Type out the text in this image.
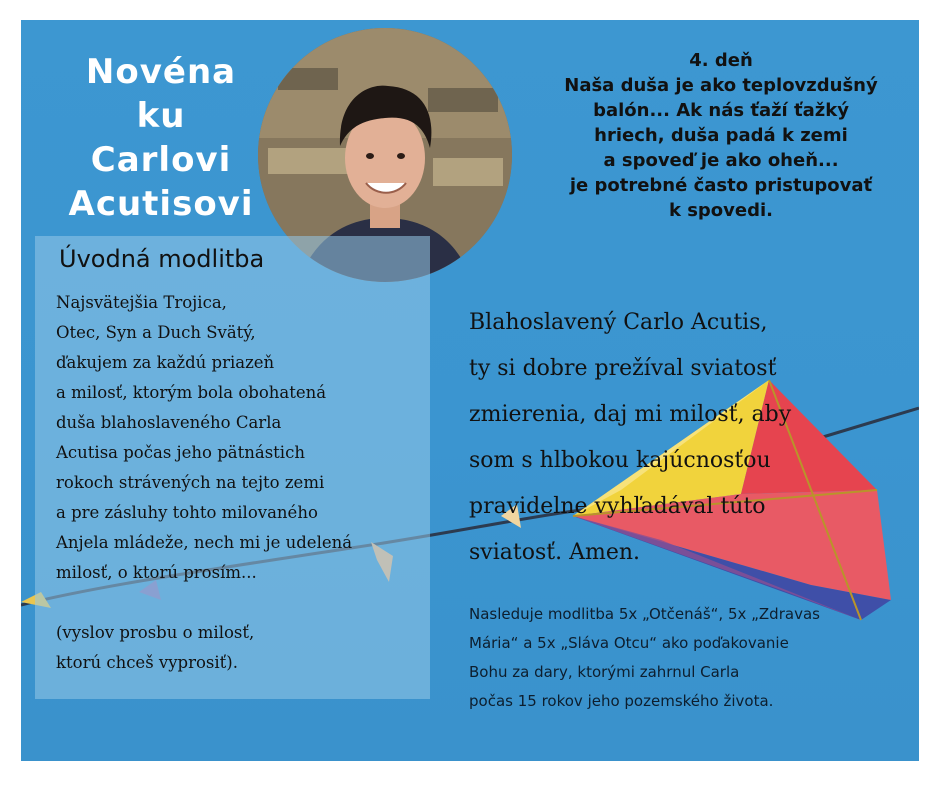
Novéna
ku Carlovi
Acutisovi
Úvodná modlitba
Najsvätejšia Trojica,
Otec, Syn a Duch Svätý,
ďakujem za každú priazeň
a milosť, ktorým bola obohatená
duša blahoslaveného Carla
Acutisa počas jeho pätnástich
rokoch strávených na tejto zemi
a pre zásluhy tohto milovaného
Anjela mládeže, nech mi je udelená
milosť, o ktorú prosím...
(vyslov prosbu o milosť,
ktorú chceš vyprosiť).
4. deň
Naša duša je ako teplovzdušný
balón... Ak nás ťaží ťažký
hriech, duša padá k zemi
a spoveď je ako oheň...
je potrebné často pristupovať
k spovedi.
Blahoslavený Carlo Acutis,
ty si dobre prežíval sviatosť
zmierenia, daj mi milosť, aby
som s hlbokou kajúcnosťou
pravidelne vyhľadával túto
sviatosť. Amen.
Nasleduje modlitba 5x „Otčenáš“, 5x „Zdravas
Mária“ a 5x „Sláva Otcu“ ako poďakovanie
Bohu za dary, ktorými zahrnul Carla
počas 15 rokov jeho pozemského života.
